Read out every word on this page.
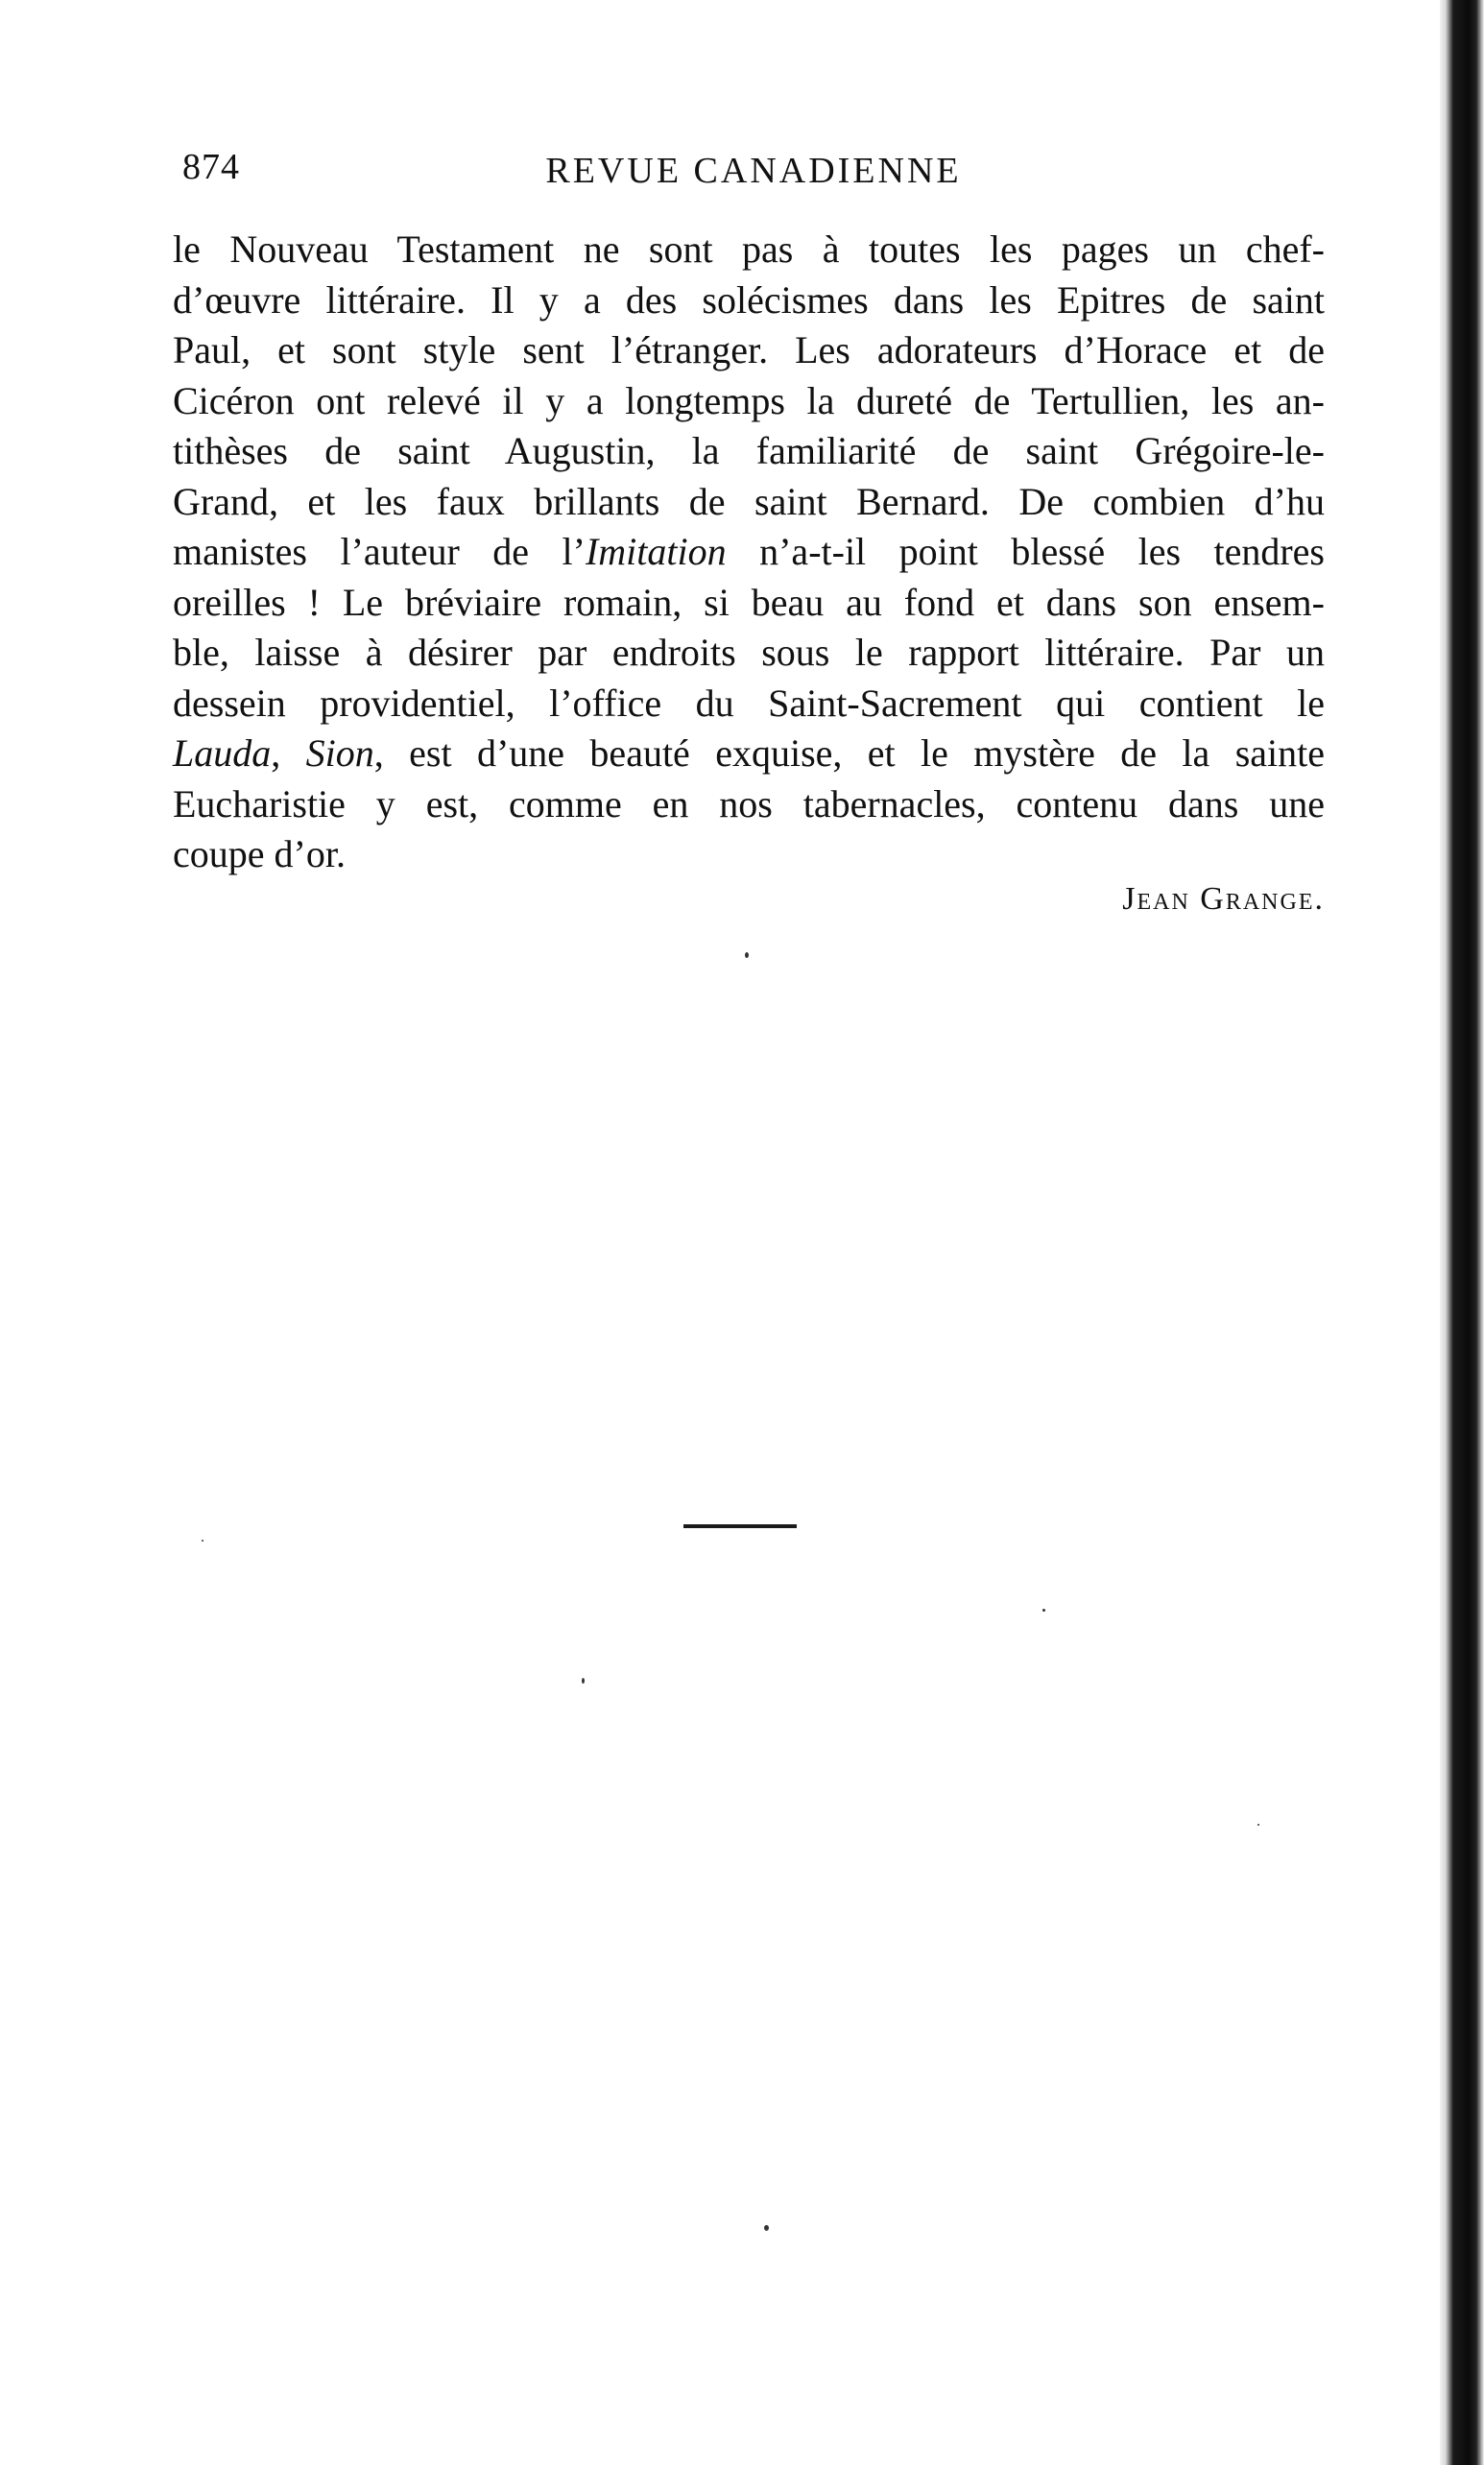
874	REVUE CANADIENNE
le Nouveau Testament ne sont pas à toutes les pages un chef-
d’œuvre littéraire. Il y a des solécismes dans les Epitres de saint
Paul, et sont style sent l’étranger. Les adorateurs d’Horace et de
Cicéron ont relevé il y a longtemps la dureté de Tertullien, les an-
tithèses de saint Augustin, la familiarité de saint Grégoire-le-
Grand, et les faux brillants de saint Bernard. De combien d’hu
manistes l’auteur de l’Imitation n’a-t-il point blessé les tendres
oreilles ! Le bréviaire romain, si beau au fond et dans son ensem-
ble, laisse à désirer par endroits sous le rapport littéraire. Par un
dessein providentiel, l’office du Saint-Sacrement qui contient le
Lauda, Sion, est d’une beauté exquise, et le mystère de la sainte
Eucharistie y est, comme en nos tabernacles, contenu dans une
coupe d’or.
Jean Grange.
